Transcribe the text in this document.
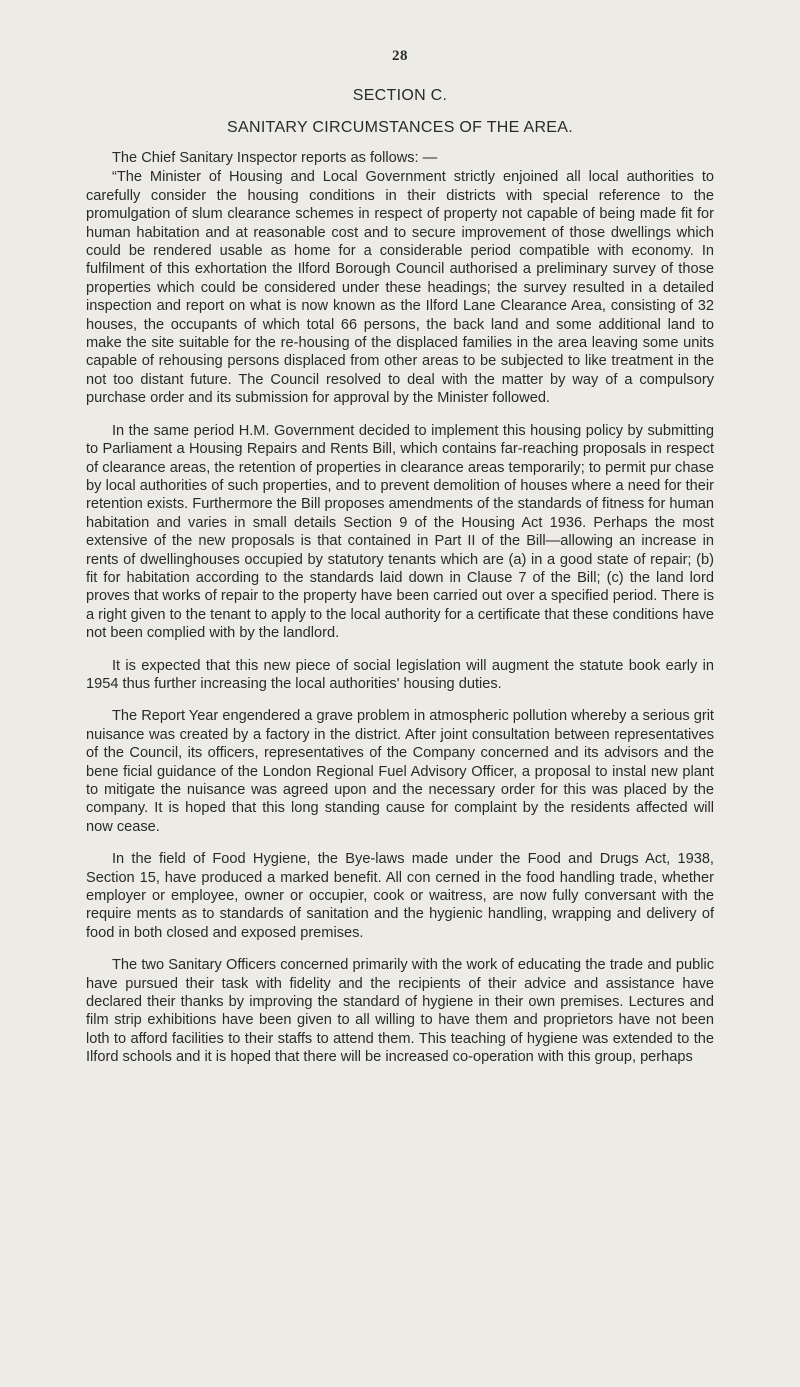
28
SECTION C.
SANITARY CIRCUMSTANCES OF THE AREA.

The Chief Sanitary Inspector reports as follows: —

“The Minister of Housing and Local Government strictly enjoined all local authorities to carefully consider the housing conditions in their districts with special reference to the promulgation of slum clearance schemes in respect of property not capable of being made fit for human habitation and at reasonable cost and to secure improvement of those dwellings which could be rendered usable as home for a considerable period compatible with economy. In fulfilment of this exhortation the Ilford Borough Council authorised a preliminary survey of those properties which could be considered under these headings; the survey resulted in a detailed inspection and report on what is now known as the Ilford Lane Clearance Area, consisting of 32 houses, the occupants of which total 66 persons, the back land and some additional land to make the site suitable for the re-housing of the displaced families in the area leaving some units capable of rehousing persons displaced from other areas to be subjected to like treatment in the not too distant future. The Council resolved to deal with the matter by way of a compulsory purchase order and its submission for approval by the Minister followed.

In the same period H.M. Government decided to implement this housing policy by submitting to Parliament a Housing Repairs and Rents Bill, which contains far-reaching proposals in respect of clearance areas, the retention of properties in clearance areas temporarily; to permit pur chase by local authorities of such properties, and to prevent demolition of houses where a need for their retention exists. Furthermore the Bill proposes amendments of the standards of fitness for human habitation and varies in small details Section 9 of the Housing Act 1936. Perhaps the most extensive of the new proposals is that contained in Part II of the Bill—allowing an increase in rents of dwellinghouses occupied by statutory tenants which are (a) in a good state of repair; (b) fit for habitation according to the standards laid down in Clause 7 of the Bill; (c) the land lord proves that works of repair to the property have been carried out over a specified period. There is a right given to the tenant to apply to the local authority for a certificate that these conditions have not been complied with by the landlord.

It is expected that this new piece of social legislation will augment the statute book early in 1954 thus further increasing the local authorities' housing duties.

The Report Year engendered a grave problem in atmospheric pollution whereby a serious grit nuisance was created by a factory in the district. After joint consultation between representatives of the Council, its officers, representatives of the Company concerned and its advisors and the bene ficial guidance of the London Regional Fuel Advisory Officer, a proposal to instal new plant to mitigate the nuisance was agreed upon and the necessary order for this was placed by the company. It is hoped that this long standing cause for complaint by the residents affected will now cease.

In the field of Food Hygiene, the Bye-laws made under the Food and Drugs Act, 1938, Section 15, have produced a marked benefit. All con cerned in the food handling trade, whether employer or employee, owner or occupier, cook or waitress, are now fully conversant with the require ments as to standards of sanitation and the hygienic handling, wrapping and delivery of food in both closed and exposed premises.

The two Sanitary Officers concerned primarily with the work of educating the trade and public have pursued their task with fidelity and the recipients of their advice and assistance have declared their thanks by improving the standard of hygiene in their own premises. Lectures and film strip exhibitions have been given to all willing to have them and proprietors have not been loth to afford facilities to their staffs to attend them. This teaching of hygiene was extended to the Ilford schools and it is hoped that there will be increased co-operation with this group, perhaps
